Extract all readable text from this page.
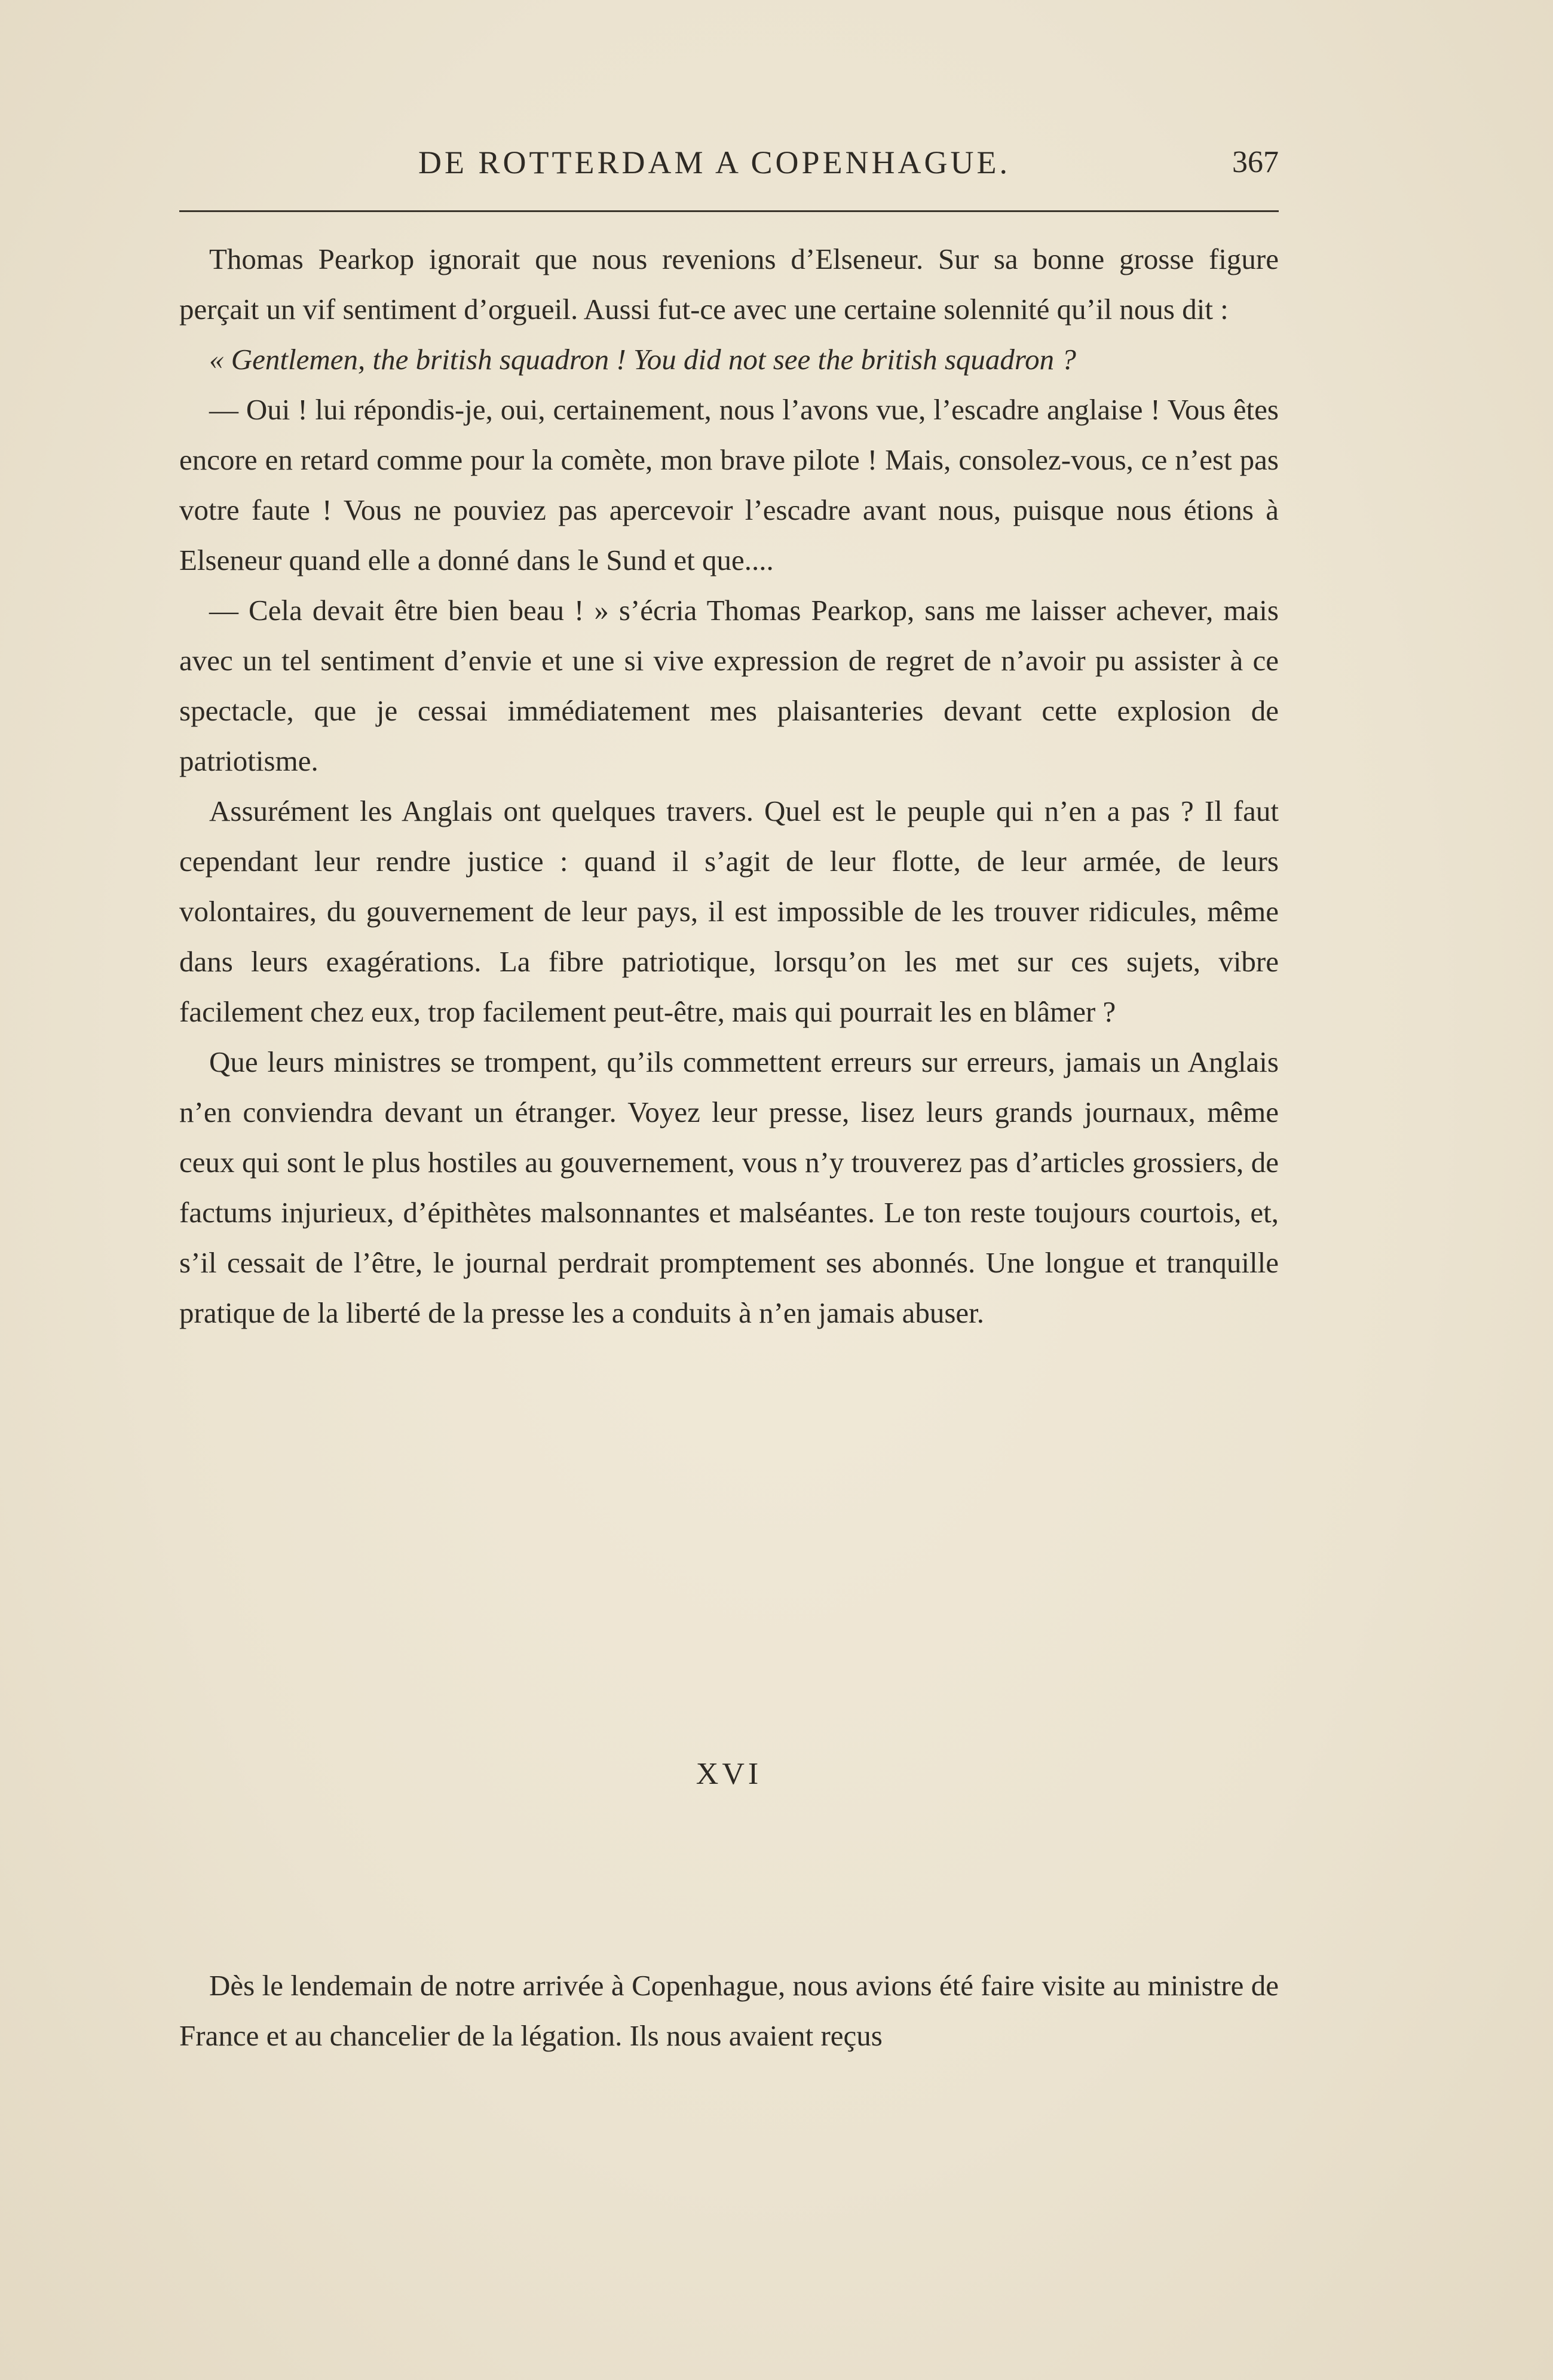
DE ROTTERDAM A COPENHAGUE.	367

Thomas Pearkop ignorait que nous revenions d’Elseneur. Sur sa bonne grosse figure perçait un vif sentiment d’orgueil. Aussi fut-ce avec une certaine solennité qu’il nous dit :

« Gentlemen, the british squadron ! You did not see the british squadron ?

— Oui ! lui répondis-je, oui, certainement, nous l’avons vue, l’escadre anglaise ! Vous êtes encore en retard comme pour la comète, mon brave pilote ! Mais, consolez-vous, ce n’est pas votre faute ! Vous ne pouviez pas apercevoir l’escadre avant nous, puisque nous étions à Elseneur quand elle a donné dans le Sund et que....

— Cela devait être bien beau ! » s’écria Thomas Pearkop, sans me laisser achever, mais avec un tel sentiment d’envie et une si vive expression de regret de n’avoir pu assister à ce spectacle, que je cessai immédiatement mes plaisanteries devant cette explosion de patriotisme.

Assurément les Anglais ont quelques travers. Quel est le peuple qui n’en a pas ? Il faut cependant leur rendre justice : quand il s’agit de leur flotte, de leur armée, de leurs volontaires, du gouvernement de leur pays, il est impossible de les trouver ridicules, même dans leurs exagérations. La fibre patriotique, lorsqu’on les met sur ces sujets, vibre facilement chez eux, trop facilement peut-être, mais qui pourrait les en blâmer ?

Que leurs ministres se trompent, qu’ils commettent erreurs sur erreurs, jamais un Anglais n’en conviendra devant un étranger. Voyez leur presse, lisez leurs grands journaux, même ceux qui sont le plus hostiles au gouvernement, vous n’y trouverez pas d’articles grossiers, de factums injurieux, d’épithètes malsonnantes et malséantes. Le ton reste toujours courtois, et, s’il cessait de l’être, le journal perdrait promptement ses abonnés. Une longue et tranquille pratique de la liberté de la presse les a conduits à n’en jamais abuser.

XVI

Dès le lendemain de notre arrivée à Copenhague, nous avions été faire visite au ministre de France et au chancelier de la légation. Ils nous avaient reçus
